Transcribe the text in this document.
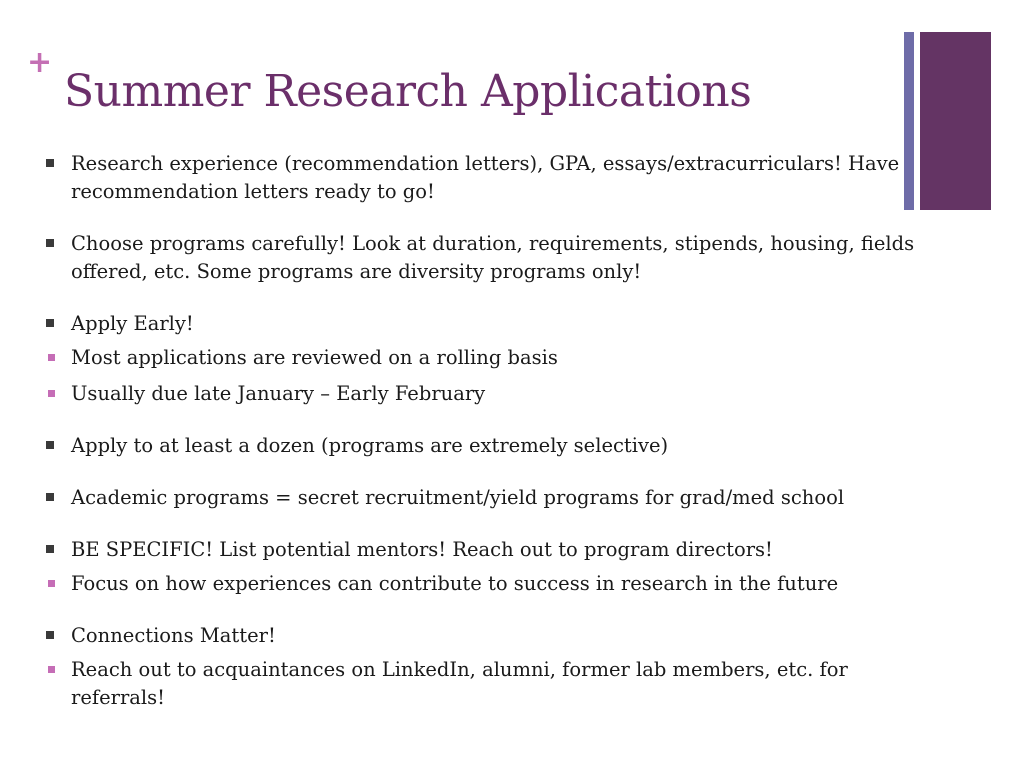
+
Summer Research Applications
Research experience (recommendation letters), GPA, essays/extracurriculars! Have recommendation letters ready to go!
Choose programs carefully! Look at duration, requirements, stipends, housing, fields offered, etc. Some programs are diversity programs only!
Apply Early!
Most applications are reviewed on a rolling basis
Usually due late January – Early February
Apply to at least a dozen (programs are extremely selective)
Academic programs = secret recruitment/yield programs for grad/med school
BE SPECIFIC! List potential mentors! Reach out to program directors!
Focus on how experiences can contribute to success in research in the future
Connections Matter!
Reach out to acquaintances on LinkedIn, alumni, former lab members, etc. for referrals!
